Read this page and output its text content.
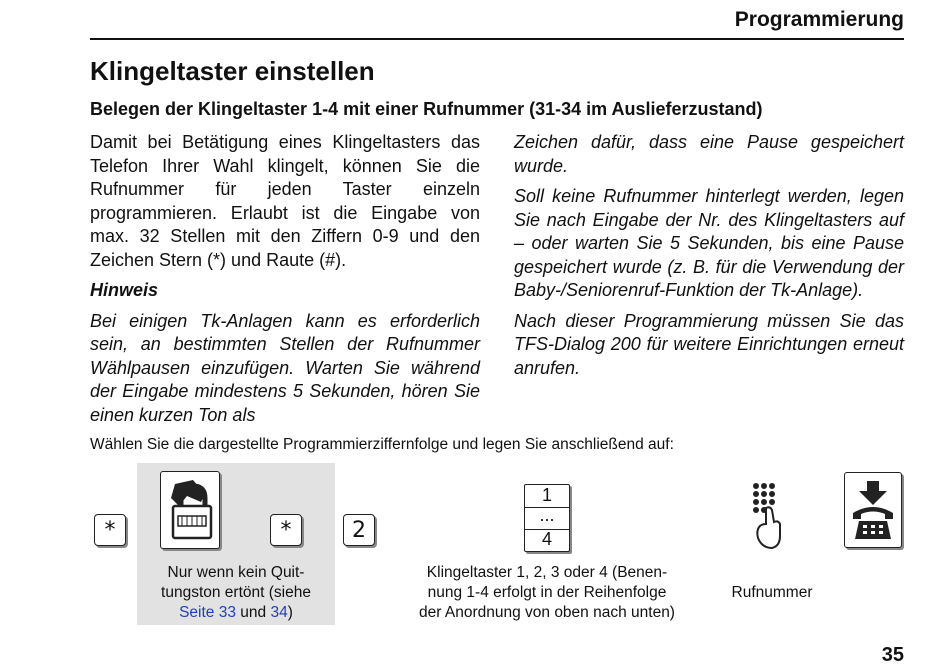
Programmierung
Klingeltaster einstellen
Belegen der Klingeltaster 1-4 mit einer Rufnummer (31-34 im Auslieferzustand)

Damit bei Betätigung eines Klingeltasters das Telefon Ihrer Wahl klingelt, können Sie die Rufnummer für jeden Taster einzeln programmieren. Erlaubt ist die Eingabe von max. 32 Stellen mit den Ziffern 0-9 und den Zeichen Stern (*) und Raute (#).

Hinweis

Bei einigen Tk-Anlagen kann es erforderlich sein, an bestimmten Stellen der Rufnummer Wählpausen einzufügen. Warten Sie während der Eingabe mindestens 5 Sekunden, hören Sie einen kurzen Ton als

Zeichen dafür, dass eine Pause gespeichert wurde.

Soll keine Rufnummer hinterlegt werden, legen Sie nach Eingabe der Nr. des Klingeltasters auf – oder warten Sie 5 Sekunden, bis eine Pause gespeichert wurde (z. B. für die Verwendung der Baby-/Seniorenruf-Funktion der Tk-Anlage).

Nach dieser Programmierung müssen Sie das TFS-Dialog 200 für weitere Einrichtungen erneut anrufen.

Wählen Sie die dargestellte Programmierziffernfolge und legen Sie anschließend auf:
*	*	2
1
...
4
Nur wenn kein Quit-
tungston ertönt (siehe
Seite 33 und 34)
Klingeltaster 1, 2, 3 oder 4 (Benen-
nung 1-4 erfolgt in der Reihenfolge
der Anordnung von oben nach unten)
Rufnummer
35
